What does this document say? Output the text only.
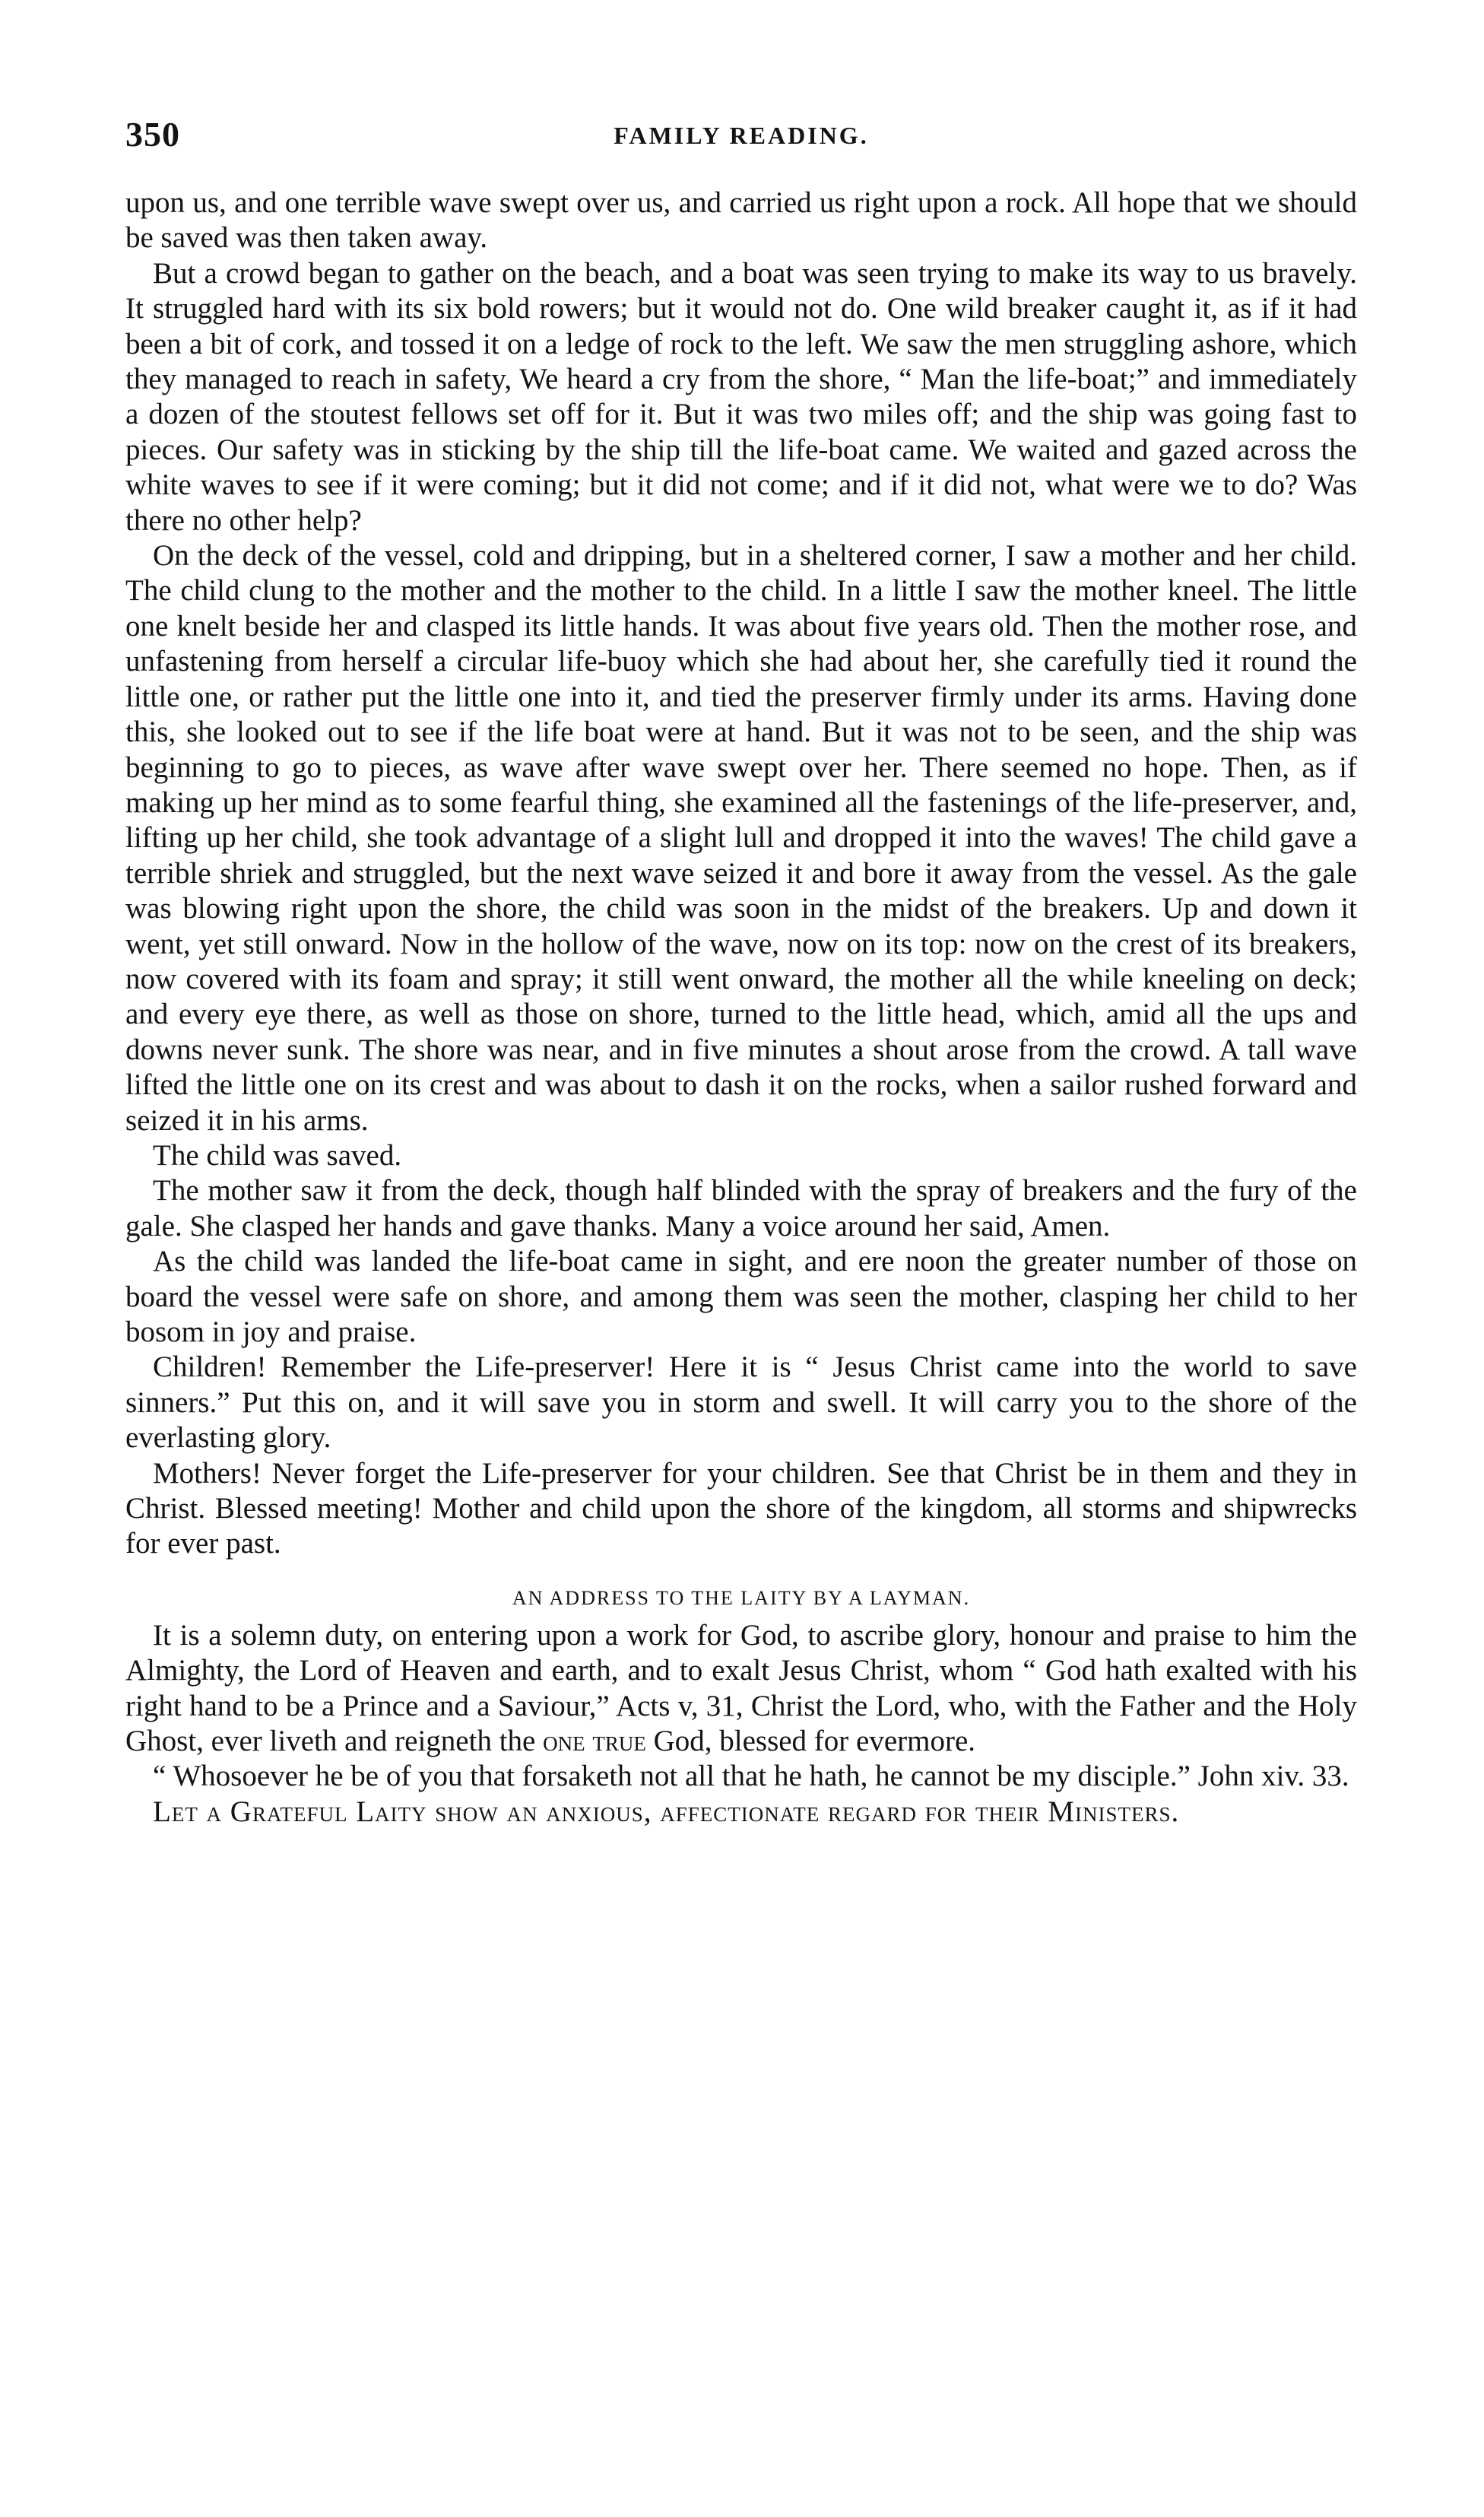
350	FAMILY READING.

upon us, and one terrible wave swept over us, and carried us right upon a rock. All hope that we should be saved was then taken away.

But a crowd began to gather on the beach, and a boat was seen trying to make its way to us bravely. It struggled hard with its six bold rowers; but it would not do. One wild breaker caught it, as if it had been a bit of cork, and tossed it on a ledge of rock to the left. We saw the men struggling ashore, which they managed to reach in safety, We heard a cry from the shore, “ Man the life-boat;” and immediately a dozen of the stoutest fellows set off for it. But it was two miles off; and the ship was going fast to pieces. Our safety was in sticking by the ship till the life-boat came. We waited and gazed across the white waves to see if it were coming; but it did not come; and if it did not, what were we to do? Was there no other help?

On the deck of the vessel, cold and dripping, but in a sheltered corner, I saw a mother and her child. The child clung to the mother and the mother to the child. In a little I saw the mother kneel. The little one knelt beside her and clasped its little hands. It was about five years old. Then the mother rose, and unfastening from herself a circular life-buoy which she had about her, she carefully tied it round the little one, or rather put the little one into it, and tied the preserver firmly under its arms. Having done this, she looked out to see if the life boat were at hand. But it was not to be seen, and the ship was beginning to go to pieces, as wave after wave swept over her. There seemed no hope. Then, as if making up her mind as to some fearful thing, she examined all the fastenings of the life-preserver, and, lifting up her child, she took advantage of a slight lull and dropped it into the waves! The child gave a terrible shriek and struggled, but the next wave seized it and bore it away from the vessel. As the gale was blowing right upon the shore, the child was soon in the midst of the breakers. Up and down it went, yet still onward. Now in the hollow of the wave, now on its top: now on the crest of its breakers, now covered with its foam and spray; it still went onward, the mother all the while kneeling on deck; and every eye there, as well as those on shore, turned to the little head, which, amid all the ups and downs never sunk. The shore was near, and in five minutes a shout arose from the crowd. A tall wave lifted the little one on its crest and was about to dash it on the rocks, when a sailor rushed forward and seized it in his arms.

The child was saved.

The mother saw it from the deck, though half blinded with the spray of breakers and the fury of the gale. She clasped her hands and gave thanks. Many a voice around her said, Amen.

As the child was landed the life-boat came in sight, and ere noon the greater number of those on board the vessel were safe on shore, and among them was seen the mother, clasping her child to her bosom in joy and praise.

Children! Remember the Life-preserver! Here it is “ Jesus Christ came into the world to save sinners.” Put this on, and it will save you in storm and swell. It will carry you to the shore of the everlasting glory.

Mothers! Never forget the Life-preserver for your children. See that Christ be in them and they in Christ. Blessed meeting! Mother and child upon the shore of the kingdom, all storms and shipwrecks for ever past.

AN ADDRESS TO THE LAITY BY A LAYMAN.

It is a solemn duty, on entering upon a work for God, to ascribe glory, honour and praise to him the Almighty, the Lord of Heaven and earth, and to exalt Jesus Christ, whom “ God hath exalted with his right hand to be a Prince and a Saviour,” Acts v, 31, Christ the Lord, who, with the Father and the Holy Ghost, ever liveth and reigneth the one true God, blessed for evermore.

“ Whosoever he be of you that forsaketh not all that he hath, he cannot be my disciple.” John xiv. 33.

Let a Grateful Laity show an anxious, affectionate regard for their Ministers.
